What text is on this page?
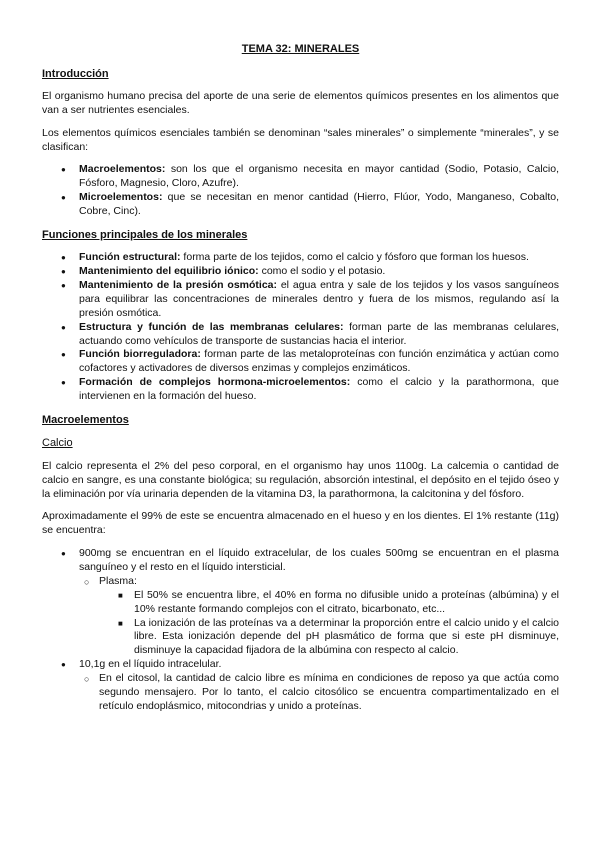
TEMA 32: MINERALES
Introducción

El organismo humano precisa del aporte de una serie de elementos químicos presentes en los alimentos que van a ser nutrientes esenciales.

Los elementos químicos esenciales también se denominan “sales minerales” o simplemente “minerales”, y se clasifican:

● Macroelementos: son los que el organismo necesita en mayor cantidad (Sodio, Potasio, Calcio, Fósforo, Magnesio, Cloro, Azufre).
● Microelementos: que se necesitan en menor cantidad (Hierro, Flúor, Yodo, Manganeso, Cobalto, Cobre, Cinc).
Funciones principales de los minerales
● Función estructural: forma parte de los tejidos, como el calcio y fósforo que forman los huesos.
● Mantenimiento del equilibrio iónico: como el sodio y el potasio.
● Mantenimiento de la presión osmótica: el agua entra y sale de los tejidos y los vasos sanguíneos para equilibrar las concentraciones de minerales dentro y fuera de los mismos, regulando así la presión osmótica.
● Estructura y función de las membranas celulares: forman parte de las membranas celulares, actuando como vehículos de transporte de sustancias hacia el interior.
● Función biorreguladora: forman parte de las metaloproteínas con función enzimática y actúan como cofactores y activadores de diversos enzimas y complejos enzimáticos.
● Formación de complejos hormona-microelementos: como el calcio y la parathormona, que intervienen en la formación del hueso.
Macroelementos
Calcio

El calcio representa el 2% del peso corporal, en el organismo hay unos 1100g. La calcemia o cantidad de calcio en sangre, es una constante biológica; su regulación, absorción intestinal, el depósito en el tejido óseo y la eliminación por vía urinaria dependen de la vitamina D3, la parathormona, la calcitonina y del fósforo.

Aproximadamente el 99% de este se encuentra almacenado en el hueso y en los dientes. El 1% restante (11g) se encuentra:

● 900mg se encuentran en el líquido extracelular, de los cuales 500mg se encuentran en el plasma sanguíneo y el resto en el líquido intersticial.
○ Plasma:
■ El 50% se encuentra libre, el 40% en forma no difusible unido a proteínas (albúmina) y el 10% restante formando complejos con el citrato, bicarbonato, etc...
■ La ionización de las proteínas va a determinar la proporción entre el calcio unido y el calcio libre. Esta ionización depende del pH plasmático de forma que si este pH disminuye, disminuye la capacidad fijadora de la albúmina con respecto al calcio.
● 10,1g en el líquido intracelular.
○ En el citosol, la cantidad de calcio libre es mínima en condiciones de reposo ya que actúa como segundo mensajero. Por lo tanto, el calcio citosólico se encuentra compartimentalizado en el retículo endoplásmico, mitocondrias y unido a proteínas.
